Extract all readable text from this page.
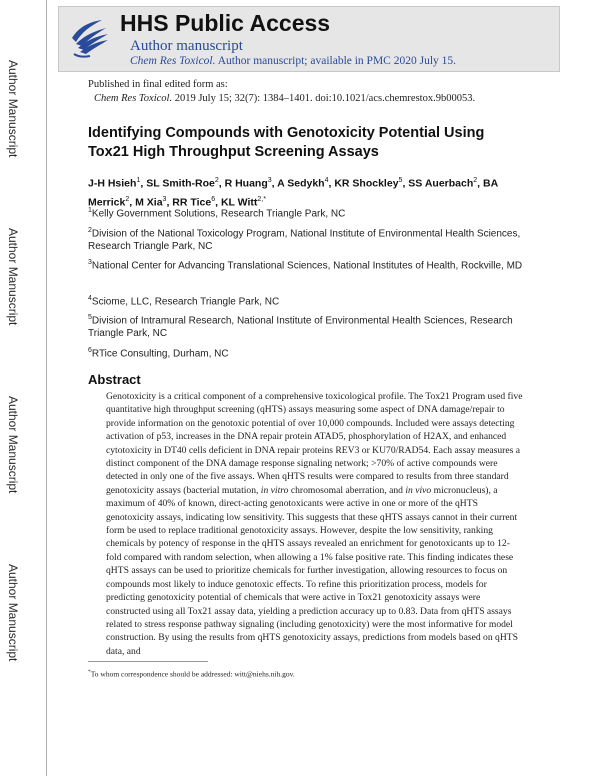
Author Manuscript
Author Manuscript
Author Manuscript
Author Manuscript
HHS Public Access
Author manuscript
Chem Res Toxicol. Author manuscript; available in PMC 2020 July 15.
Published in final edited form as:
Chem Res Toxicol. 2019 July 15; 32(7): 1384–1401. doi:10.1021/acs.chemrestox.9b00053.
Identifying Compounds with Genotoxicity Potential Using Tox21 High Throughput Screening Assays
J-H Hsieh$^1$, SL Smith-Roe$^2$, R Huang$^3$, A Sedykh$^4$, KR Shockley$^5$, SS Auerbach$^2$, BA Merrick$^2$, M Xia$^3$, RR Tice$^6$, KL Witt$^{2,*}$
$^1$Kelly Government Solutions, Research Triangle Park, NC
$^2$Division of the National Toxicology Program, National Institute of Environmental Health Sciences, Research Triangle Park, NC
$^3$National Center for Advancing Translational Sciences, National Institutes of Health, Rockville, MD
$^4$Sciome, LLC, Research Triangle Park, NC
$^5$Division of Intramural Research, National Institute of Environmental Health Sciences, Research Triangle Park, NC
$^6$RTice Consulting, Durham, NC
Abstract
Genotoxicity is a critical component of a comprehensive toxicological profile. The Tox21 Program used five quantitative high throughput screening (qHTS) assays measuring some aspect of DNA damage/repair to provide information on the genotoxic potential of over 10,000 compounds. Included were assays detecting activation of p53, increases in the DNA repair protein ATAD5, phosphorylation of H2AX, and enhanced cytotoxicity in DT40 cells deficient in DNA repair proteins REV3 or KU70/RAD54. Each assay measures a distinct component of the DNA damage response signaling network; >70% of active compounds were detected in only one of the five assays. When qHTS results were compared to results from three standard genotoxicity assays (bacterial mutation, in vitro chromosomal aberration, and in vivo micronucleus), a maximum of 40% of known, direct-acting genotoxicants were active in one or more of the qHTS genotoxicity assays, indicating low sensitivity. This suggests that these qHTS assays cannot in their current form be used to replace traditional genotoxicity assays. However, despite the low sensitivity, ranking chemicals by potency of response in the qHTS assays revealed an enrichment for genotoxicants up to 12-fold compared with random selection, when allowing a 1% false positive rate. This finding indicates these qHTS assays can be used to prioritize chemicals for further investigation, allowing resources to focus on compounds most likely to induce genotoxic effects. To refine this prioritization process, models for predicting genotoxicity potential of chemicals that were active in Tox21 genotoxicity assays were constructed using all Tox21 assay data, yielding a prediction accuracy up to 0.83. Data from qHTS assays related to stress response pathway signaling (including genotoxicity) were the most informative for model construction. By using the results from qHTS genotoxicity assays, predictions from models based on qHTS data, and
*To whom correspondence should be addressed: witt@niehs.nih.gov.
